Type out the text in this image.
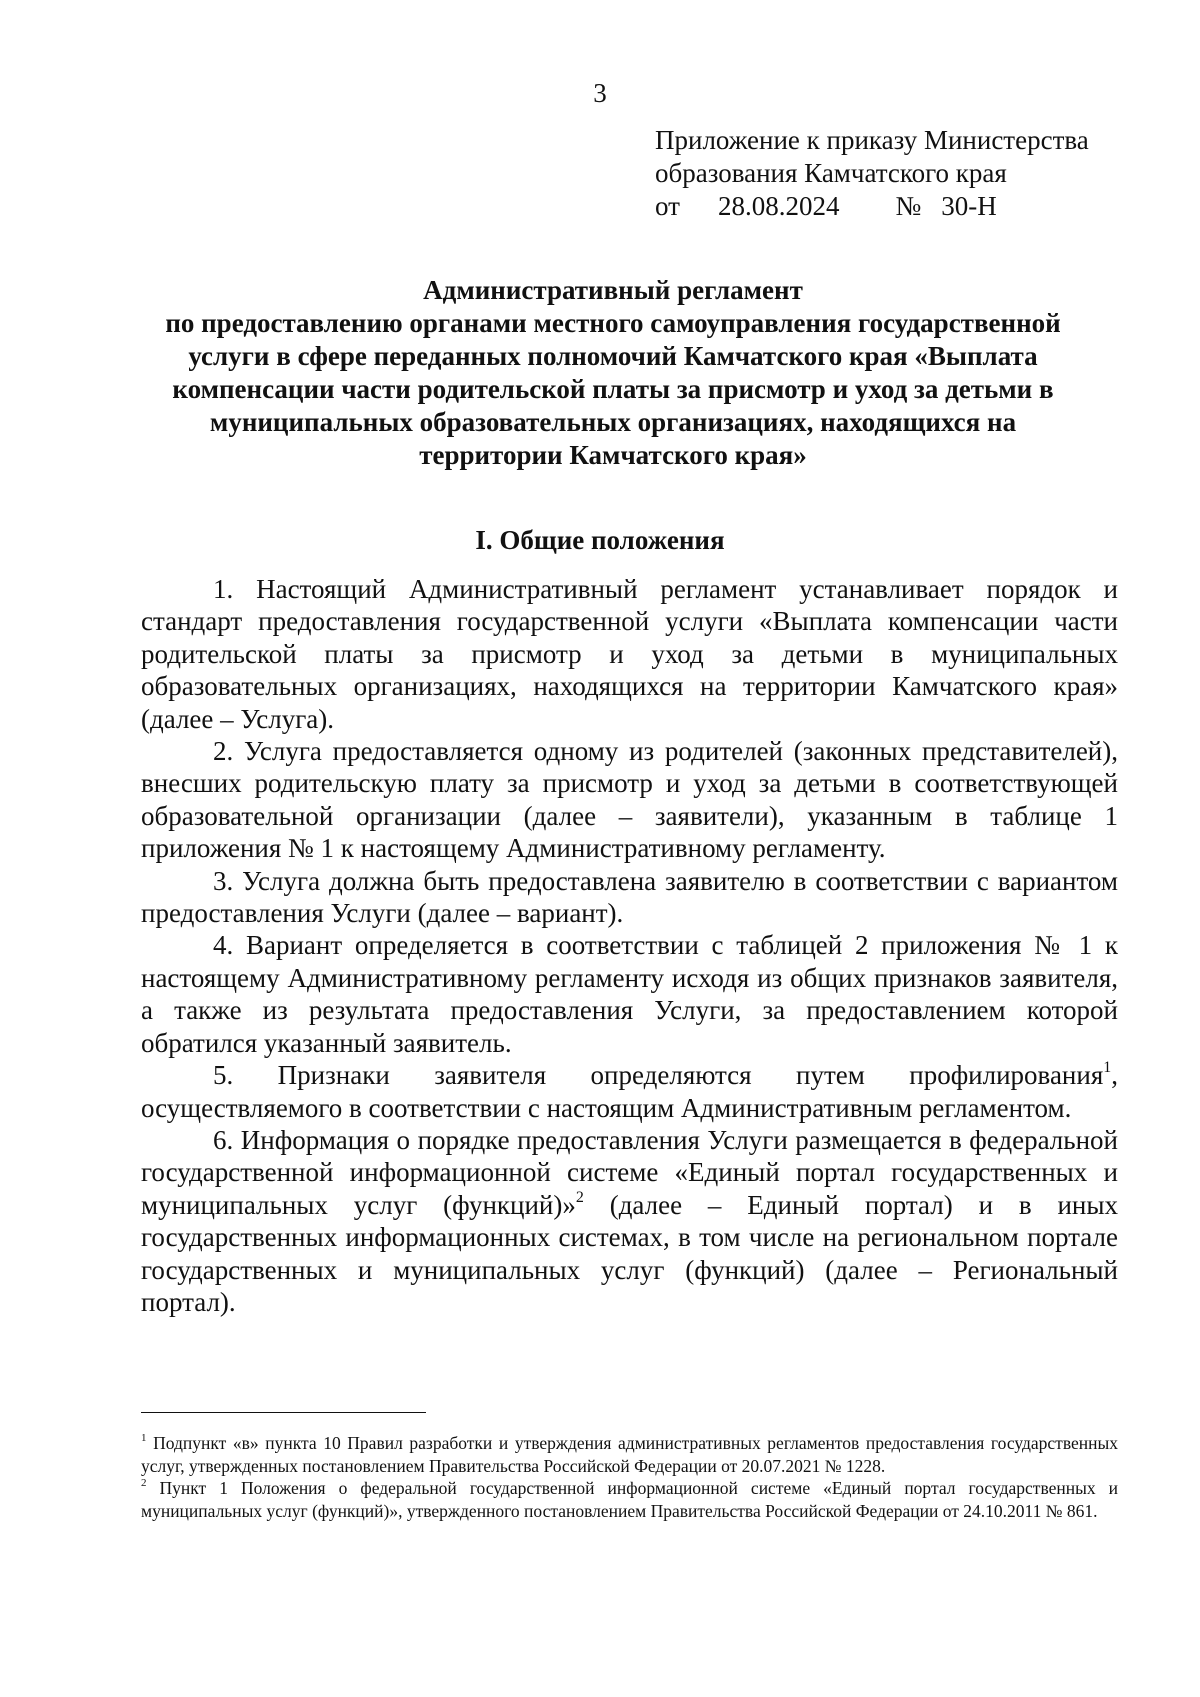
3
Приложение к приказу Министерства
образования Камчатского края
от 28.08.2024 № 30-Н
Административный регламент
по предоставлению органами местного самоуправления государственной
услуги в сфере переданных полномочий Камчатского края «Выплата
компенсации части родительской платы за присмотр и уход за детьми в
муниципальных образовательных организациях, находящихся на
территории Камчатского края»
I. Общие положения

1. Настоящий Административный регламент устанавливает порядок и стандарт предоставления государственной услуги «Выплата компенсации части родительской платы за присмотр и уход за детьми в муниципальных образовательных организациях, находящихся на территории Камчатского края» (далее – Услуга).

2. Услуга предоставляется одному из родителей (законных представителей), внесших родительскую плату за присмотр и уход за детьми в соответствующей образовательной организации (далее – заявители), указанным в таблице 1 приложения № 1 к настоящему Административному регламенту.

3. Услуга должна быть предоставлена заявителю в соответствии с вариантом предоставления Услуги (далее – вариант).

4. Вариант определяется в соответствии с таблицей 2 приложения № 1 к настоящему Административному регламенту исходя из общих признаков заявителя, а также из результата предоставления Услуги, за предоставлением которой обратился указанный заявитель.

5. Признаки заявителя определяются путем профилирования$^1$, осуществляемого в соответствии с настоящим Административным регламентом.

6. Информация о порядке предоставления Услуги размещается в федеральной государственной информационной системе «Единый портал государственных и муниципальных услуг (функций)»$^2$ (далее – Единый портал) и в иных государственных информационных системах, в том числе на региональном портале государственных и муниципальных услуг (функций) (далее – Региональный портал).

$^1$ Подпункт «в» пункта 10 Правил разработки и утверждения административных регламентов предоставления государственных услуг, утвержденных постановлением Правительства Российской Федерации от 20.07.2021 № 1228.

$^2$ Пункт 1 Положения о федеральной государственной информационной системе «Единый портал государственных и муниципальных услуг (функций)», утвержденного постановлением Правительства Российской Федерации от 24.10.2011 № 861.
